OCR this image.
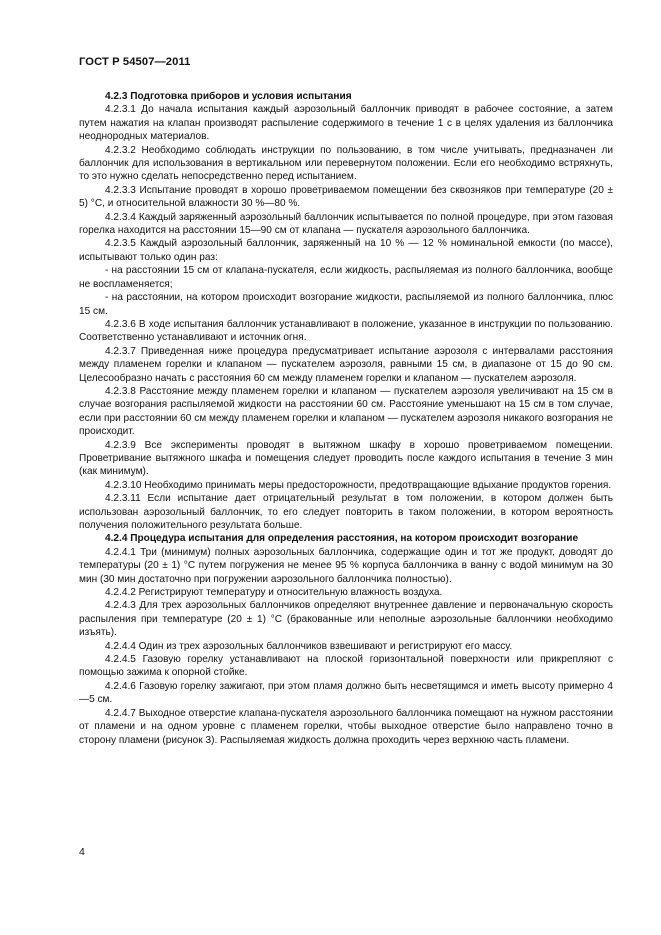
ГОСТ Р 54507—2011

4.2.3 Подготовка приборов и условия испытания

4.2.3.1 До начала испытания каждый аэрозольный баллончик приводят в рабочее состояние, а затем путем нажатия на клапан производят распыление содержимого в течение 1 с в целях удаления из баллончика неоднородных материалов.

4.2.3.2 Необходимо соблюдать инструкции по пользованию, в том числе учитывать, предназначен ли баллончик для использования в вертикальном или перевернутом положении. Если его необходимо встряхнуть, то это нужно сделать непосредственно перед испытанием.

4.2.3.3 Испытание проводят в хорошо проветриваемом помещении без сквозняков при температуре (20 ± 5) °С, и относительной влажности 30 %—80 %.

4.2.3.4 Каждый заряженный аэрозольный баллончик испытывается по полной процедуре, при этом газовая горелка находится на расстоянии 15—90 см от клапана — пускателя аэрозольного баллончика.

4.2.3.5 Каждый аэрозольный баллончик, заряженный на 10 % — 12 % номинальной емкости (по массе), испытывают только один раз:

- на расстоянии 15 см от клапана-пускателя, если жидкость, распыляемая из полного баллончика, вообще не воспламеняется;

- на расстоянии, на котором происходит возгорание жидкости, распыляемой из полного баллончика, плюс 15 см.

4.2.3.6 В ходе испытания баллончик устанавливают в положение, указанное в инструкции по пользованию. Соответственно устанавливают и источник огня.

4.2.3.7 Приведенная ниже процедура предусматривает испытание аэрозоля с интервалами расстояния между пламенем горелки и клапаном — пускателем аэрозоля, равными 15 см, в диапазоне от 15 до 90 см. Целесообразно начать с расстояния 60 см между пламенем горелки и клапаном — пускателем аэрозоля.

4.2.3.8 Расстояние между пламенем горелки и клапаном — пускателем аэрозоля увеличивают на 15 см в случае возгорания распыляемой жидкости на расстоянии 60 см. Расстояние уменьшают на 15 см в том случае, если при расстоянии 60 см между пламенем горелки и клапаном — пускателем аэрозоля никакого возгорания не происходит.

4.2.3.9 Все эксперименты проводят в вытяжном шкафу в хорошо проветриваемом помещении. Проветривание вытяжного шкафа и помещения следует проводить после каждого испытания в течение 3 мин (как минимум).

4.2.3.10 Необходимо принимать меры предосторожности, предотвращающие вдыхание продуктов горения.

4.2.3.11 Если испытание дает отрицательный результат в том положении, в котором должен быть использован аэрозольный баллончик, то его следует повторить в таком положении, в котором вероятность получения положительного результата больше.

4.2.4 Процедура испытания для определения расстояния, на котором происходит возгорание

4.2.4.1 Три (минимум) полных аэрозольных баллончика, содержащие один и тот же продукт, доводят до температуры (20 ± 1) °С путем погружения не менее 95 % корпуса баллончика в ванну с водой минимум на 30 мин (30 мин достаточно при погружении аэрозольного баллончика полностью).

4.2.4.2 Регистрируют температуру и относительную влажность воздуха.

4.2.4.3 Для трех аэрозольных баллончиков определяют внутреннее давление и первоначальную скорость распыления при температуре (20 ± 1) °С (бракованные или неполные аэрозольные баллончики необходимо изъять).

4.2.4.4 Один из трех аэрозольных баллончиков взвешивают и регистрируют его массу.

4.2.4.5 Газовую горелку устанавливают на плоской горизонтальной поверхности или прикрепляют с помощью зажима к опорной стойке.

4.2.4.6 Газовую горелку зажигают, при этом пламя должно быть несветящимся и иметь высоту примерно 4—5 см.

4.2.4.7 Выходное отверстие клапана-пускателя аэрозольного баллончика помещают на нужном расстоянии от пламени и на одном уровне с пламенем горелки, чтобы выходное отверстие было направлено точно в сторону пламени (рисунок 3). Распыляемая жидкость должна проходить через верхнюю часть пламени.

4
